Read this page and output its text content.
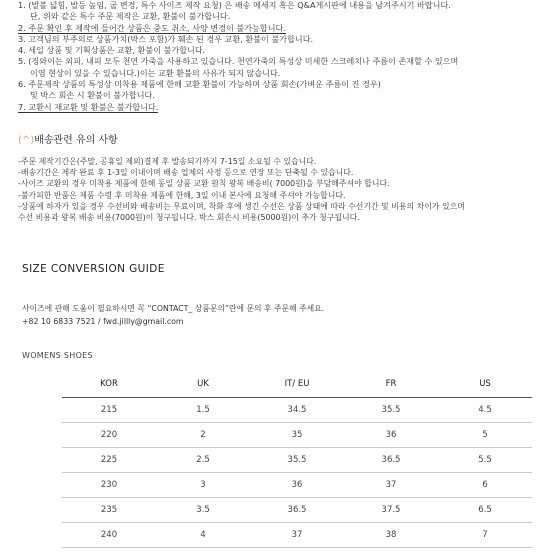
1. (발볼 넓힘, 발등 높임, 굽 변경, 특수 사이즈 제작 요청) 은 배송 메세지 혹은 Q&A게시판에 내용을 남겨주시기 바랍니다.
단, 위와 같은 특수 주문 제작은 교환, 환불이 불가합니다.
2. 주문 확인 후 제작에 들어간 상품은 중도 취소, 사양 변경이 불가능합니다.
3. 고객님의 부주의로 상품가치(박스 포함)가 훼손 된 경우 교환, 환불이 불가합니다.
4. 세일 상품 및 기획상품은 교환, 환불이 불가합니다.
5. (징와이는 외피, 내피 모두 천연 가죽을 사용하고 있습니다. 천연가죽의 특성상 미세한 스크레치나 주름이 존재할 수 있으며
이염 현상이 있을 수 있습니다.)이는 교환 환불의 사유가 되지 않습니다.
6. 주문제작 상품의 특성상 미착용 제품에 한해 교환 환불이 가능하며 상품 회손(가벼운 주름이 진 경우)
및 박스 회손 시 환불이 불가합니다.
7. 교환시 재교환 및 환불은 불가합니다.
(^)배송관련 유의 사항
-주문 제작기간은(주말, 공휴일 제외)결제 후 발송되기까지 7-15일 소요될 수 있습니다.
-배송기간은 제작 완료 후 1-3일 이내이며 배송 업체의 사정 등으로 연장 또는 단축될 수 있습니다.
-사이즈 교환의 경우 미착용 제품에 한해 동일 상품 교환 원칙 왕복 배송비( 7000원)을 부담해주셔야 합니다.
-불가피한 반품은 제품 수령 후 미착용 제품에 한해, 3일 이내 본사에 요청해 주셔야 가능합니다.
-상품에 하자가 있을 경우 수선비와 배송비는 무료이며, 착화 후에 생긴 수선은 상품 상태에 따라 수선기간 및 비용의 차이가 있으며
수선 비용과 왕복 배송 비용(7000원)이 청구됩니다. 박스 회손시 비용(5000원)이 추가 청구됩니다.
SIZE CONVERSION GUIDE
사이즈에 관해 도움이 필요하시면 꼭 “CONTACT_ 상품문의”란에 문의 후 주문해 주세요.
+82 10 6833 7521 / fwd.jillly@gmail.com
WOMENS SHOES
KOR	UK	IT/ EU	FR	US
215	1.5	34.5	35.5	4.5
220	2	35	36	5
225	2.5	35.5	36.5	5.5
230	3	36	37	6
235	3.5	36.5	37.5	6.5
240	4	37	38	7
